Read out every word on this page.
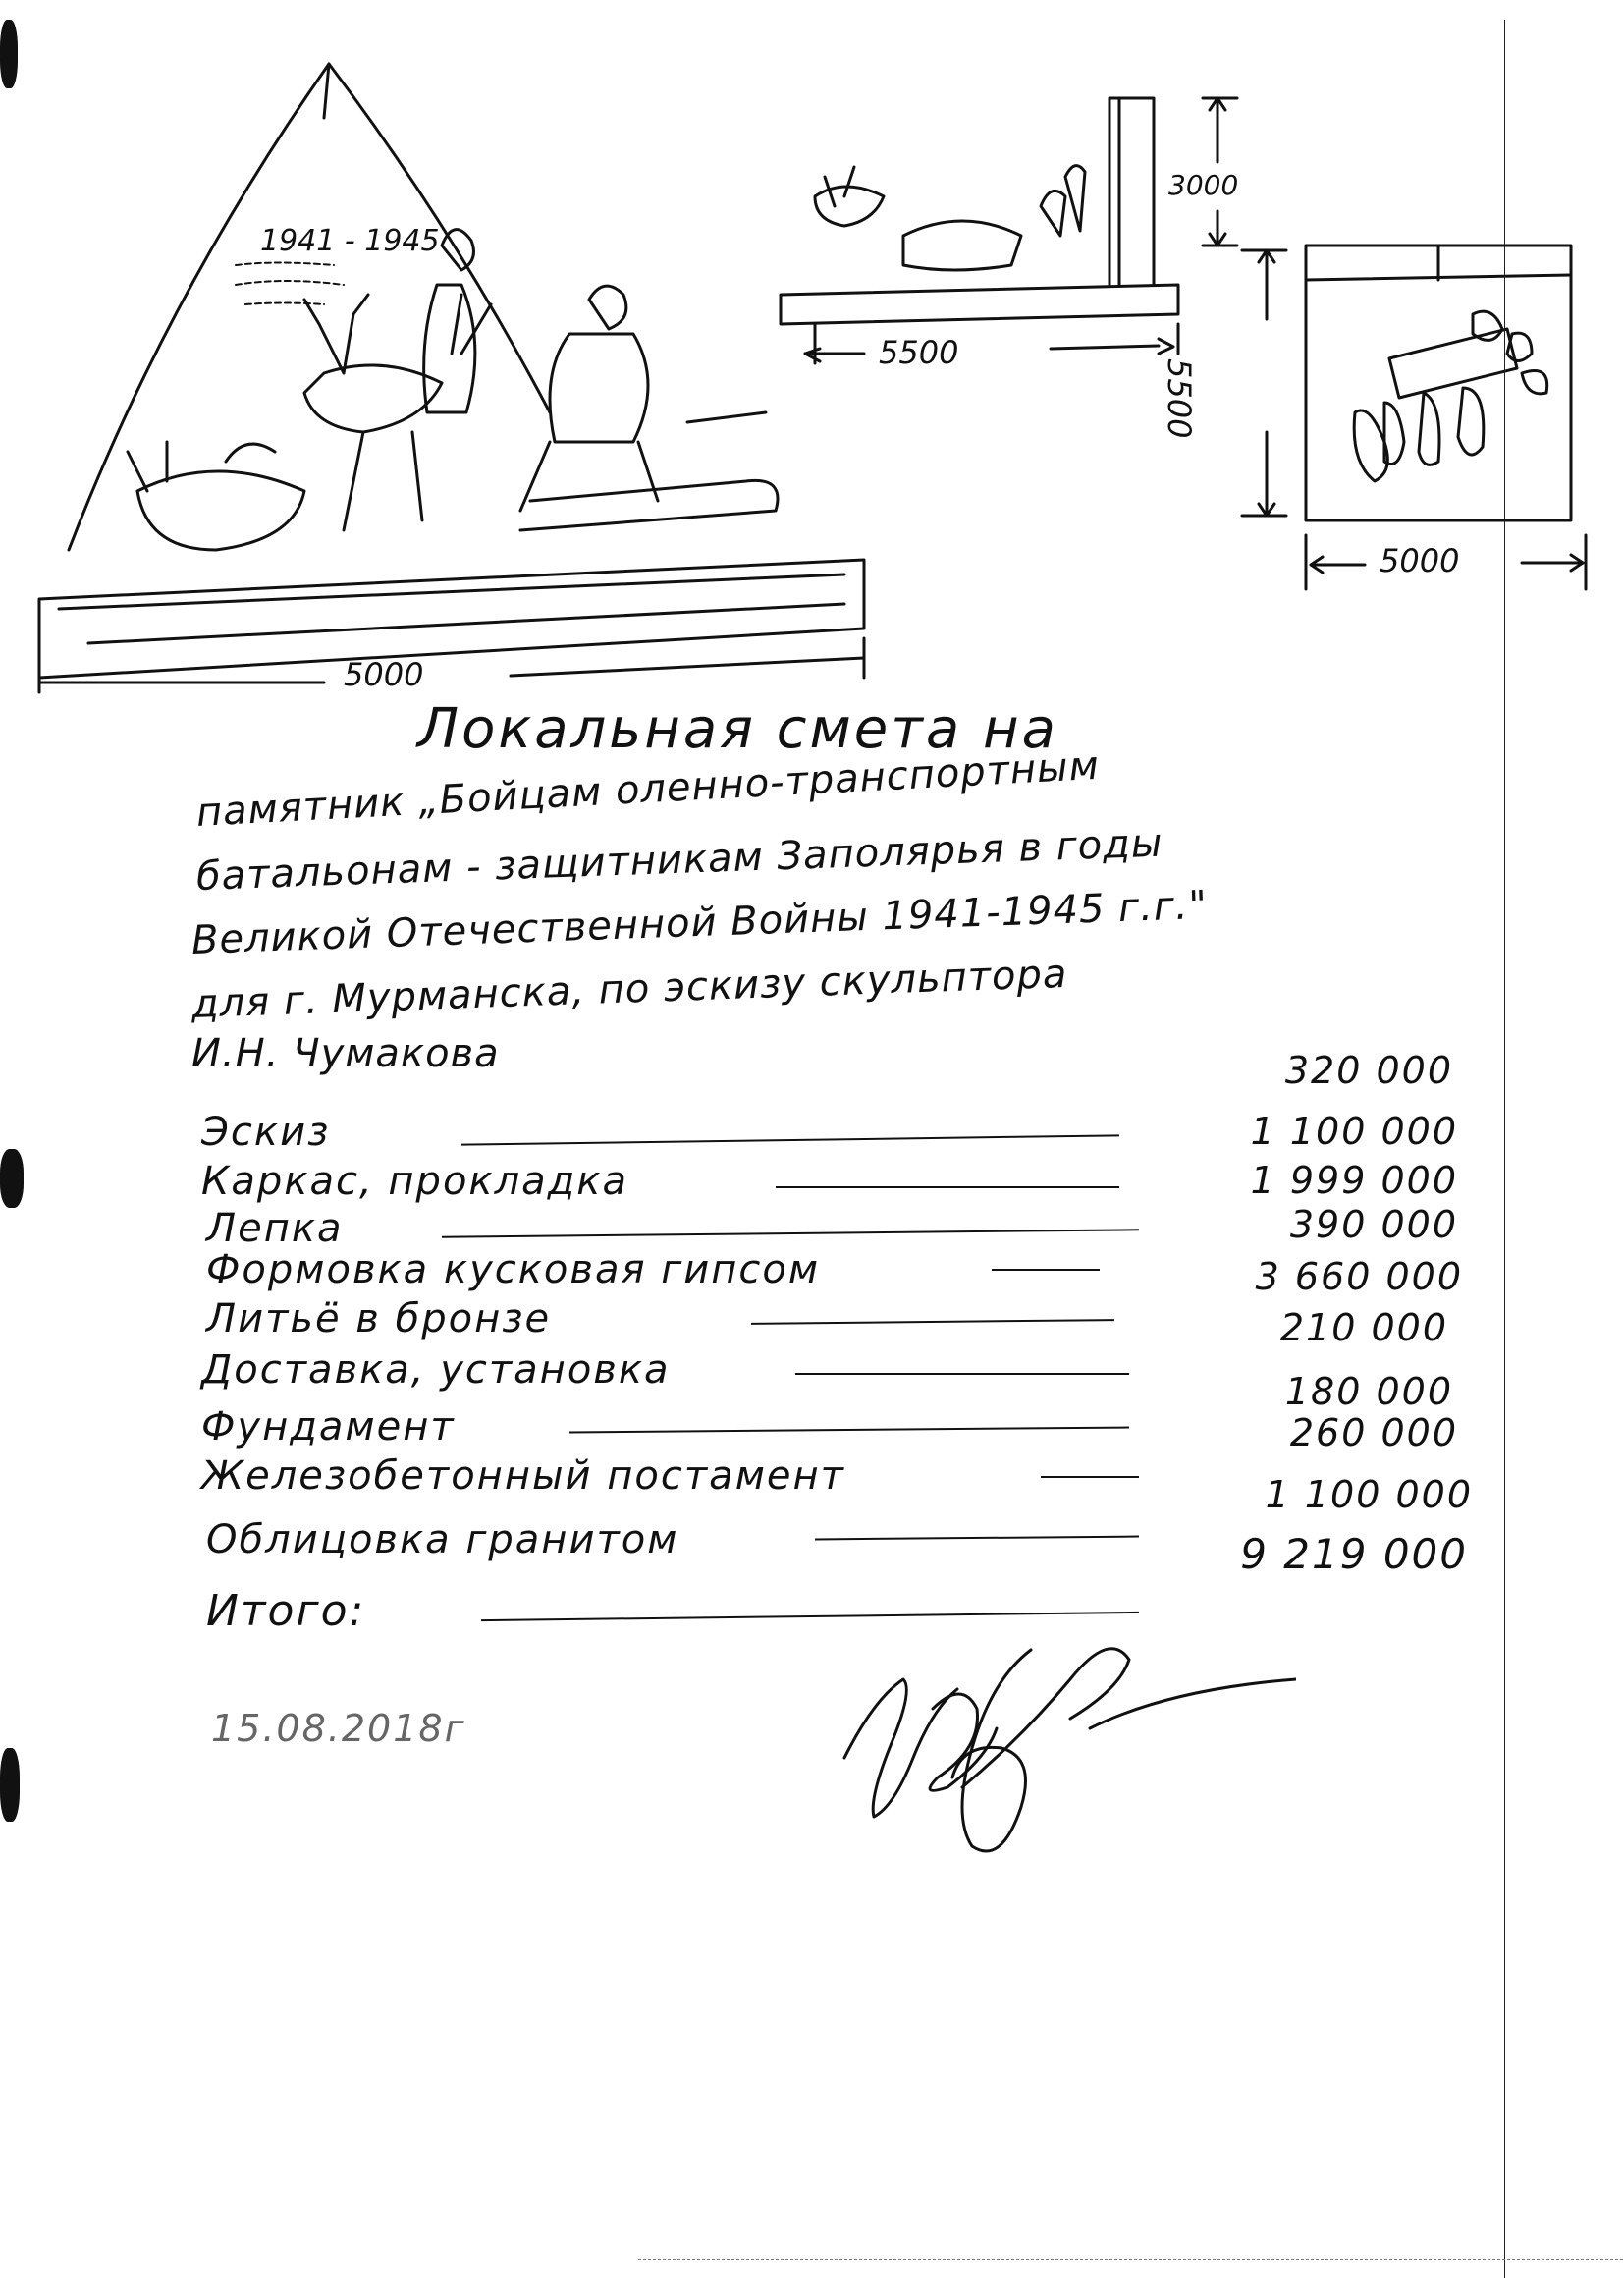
1941 - 1945
5000
5500
3000
5500
5000
Локальная смета на
памятник „Бойцам оленно-транспортным
батальонам - защитникам Заполярья в годы
Великой Отечественной Войны 1941-1945 г.г."
для г. Мурманска, по эскизу скульптора
И.Н. Чумакова
Эскиз
320 000
Каркас, прокладка
1 100 000
Лепка
1 999 000
Формовка кусковая гипсом
390 000
Литьё в бронзе
3 660 000
Доставка, установка
210 000
Фундамент
180 000
Железобетонный постамент
260 000
Облицовка гранитом
1 100 000
Итого:
9 219 000
15.08.2018г
